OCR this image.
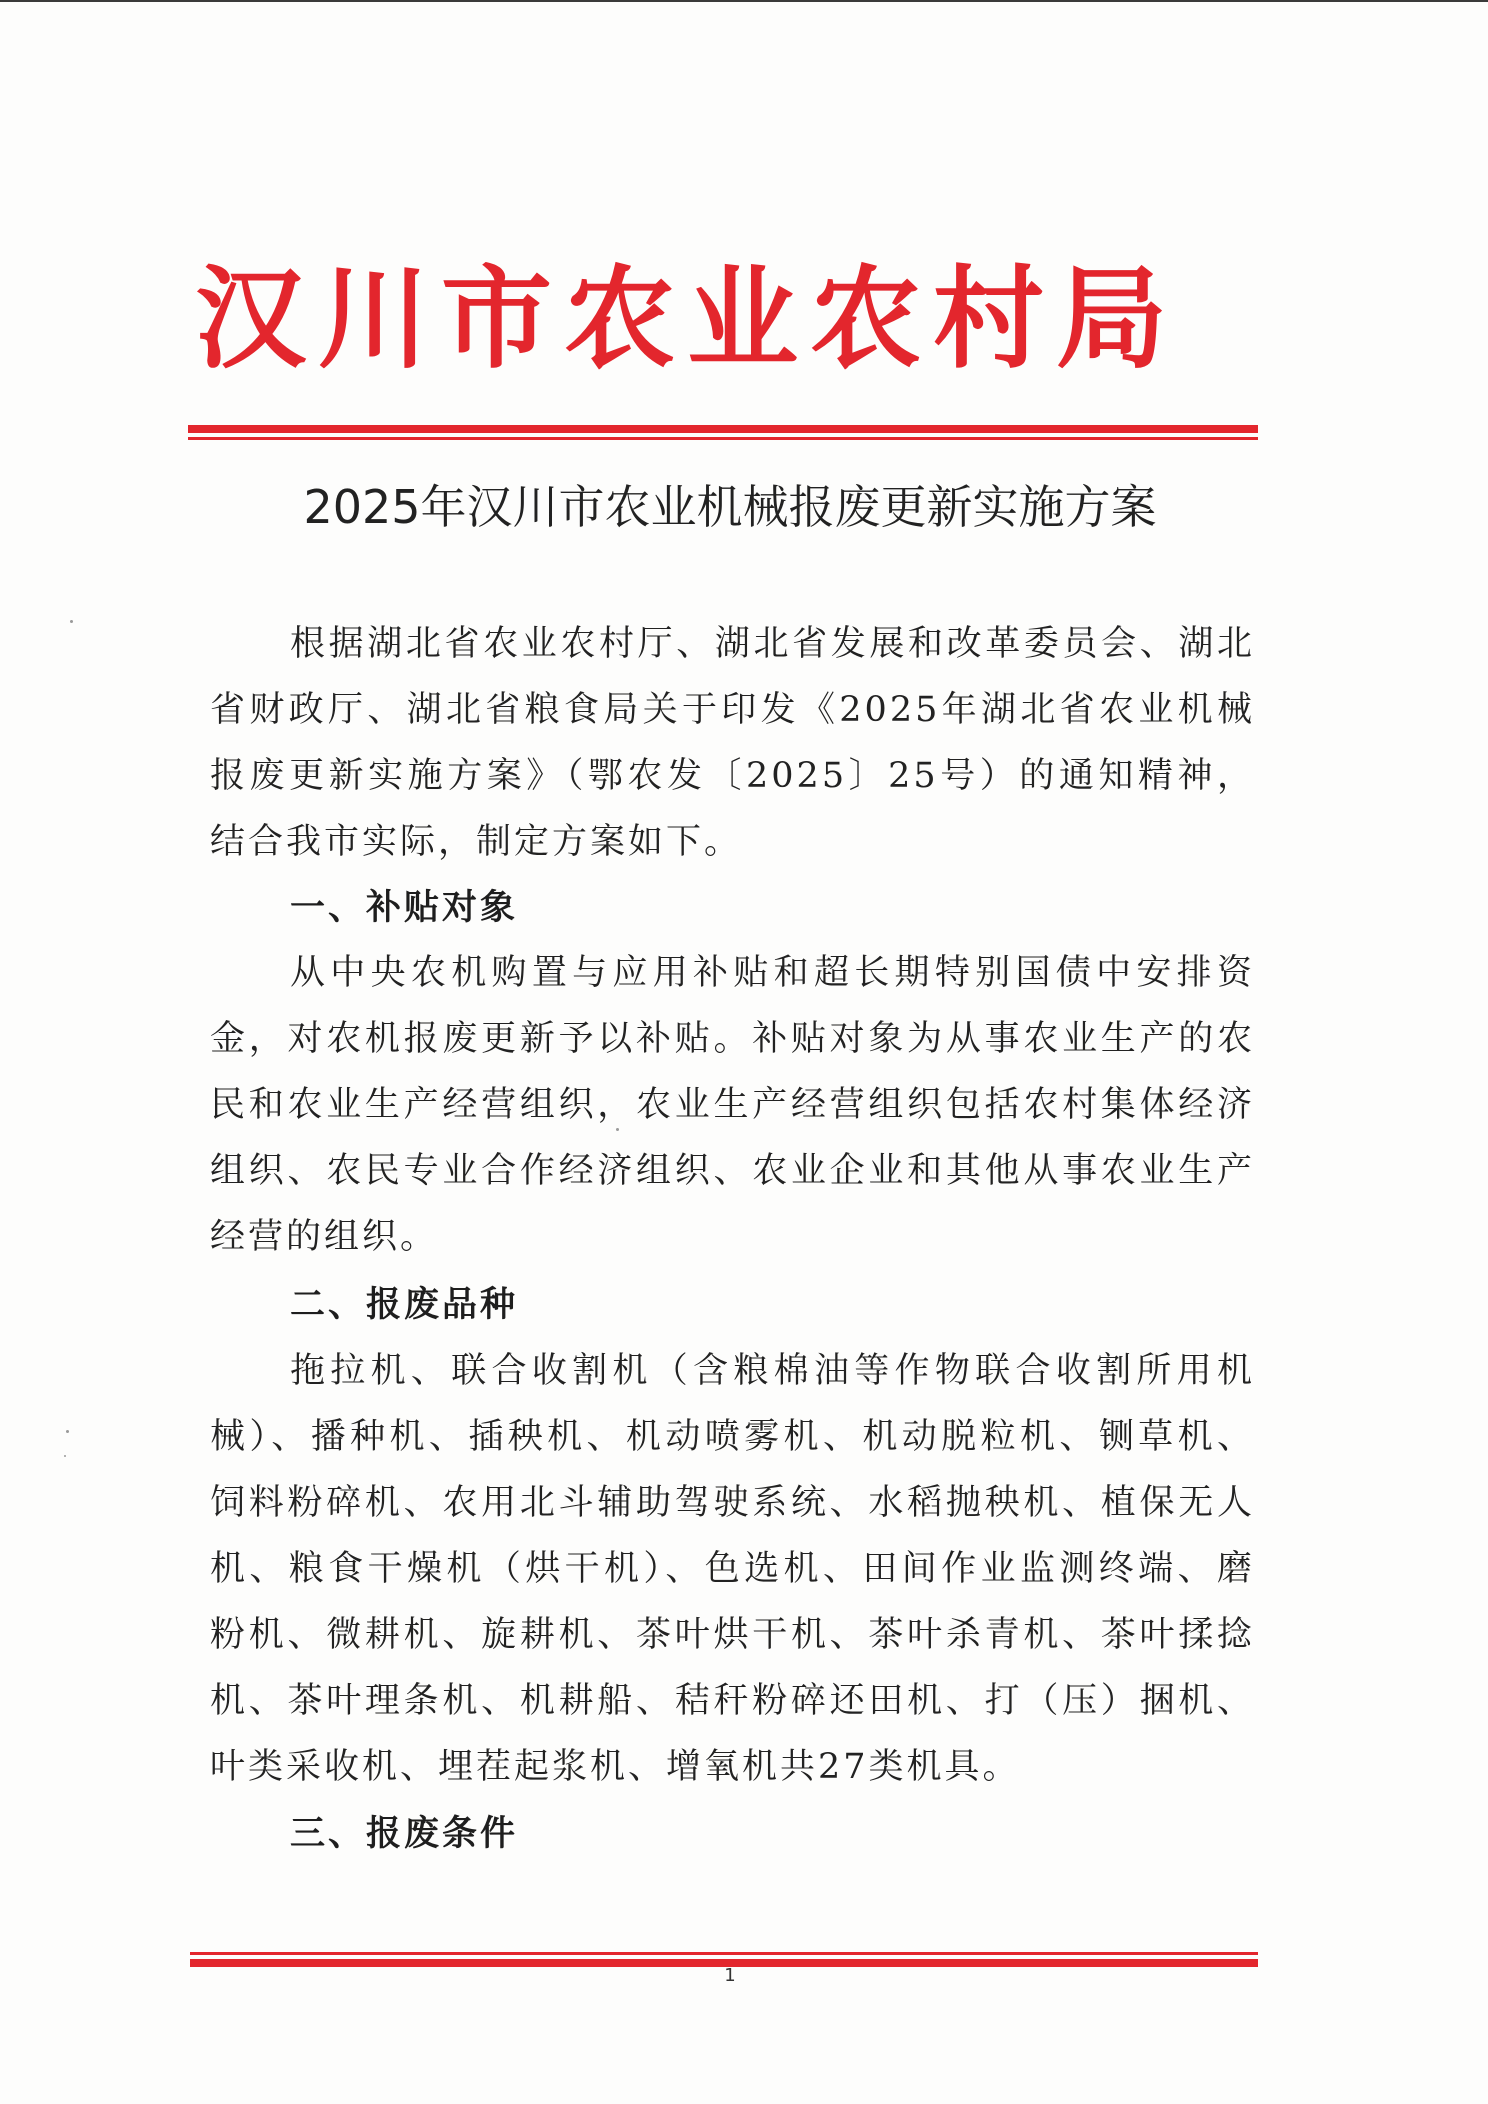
汉川市农业农村局
2025年汉川市农业机械报废更新实施方案

根据湖北省农业农村厅、湖北省发展和改革委员会、湖北省财政厅、湖北省粮食局关于印发《2025年湖北省农业机械报废更新实施方案》（鄂农发〔2025〕25号）的通知精神，结合我市实际，制定方案如下。

一、补贴对象

从中央农机购置与应用补贴和超长期特别国债中安排资金，对农机报废更新予以补贴。补贴对象为从事农业生产的农民和农业生产经营组织，农业生产经营组织包括农村集体经济组织、农民专业合作经济组织、农业企业和其他从事农业生产经营的组织。

二、报废品种

拖拉机、联合收割机（含粮棉油等作物联合收割所用机械）、播种机、插秧机、机动喷雾机、机动脱粒机、铡草机、饲料粉碎机、农用北斗辅助驾驶系统、水稻抛秧机、植保无人机、粮食干燥机（烘干机）、色选机、田间作业监测终端、磨粉机、微耕机、旋耕机、茶叶烘干机、茶叶杀青机、茶叶揉捻机、茶叶理条机、机耕船、秸秆粉碎还田机、打（压）捆机、叶类采收机、埋茬起浆机、增氧机共27类机具。

三、报废条件

1
